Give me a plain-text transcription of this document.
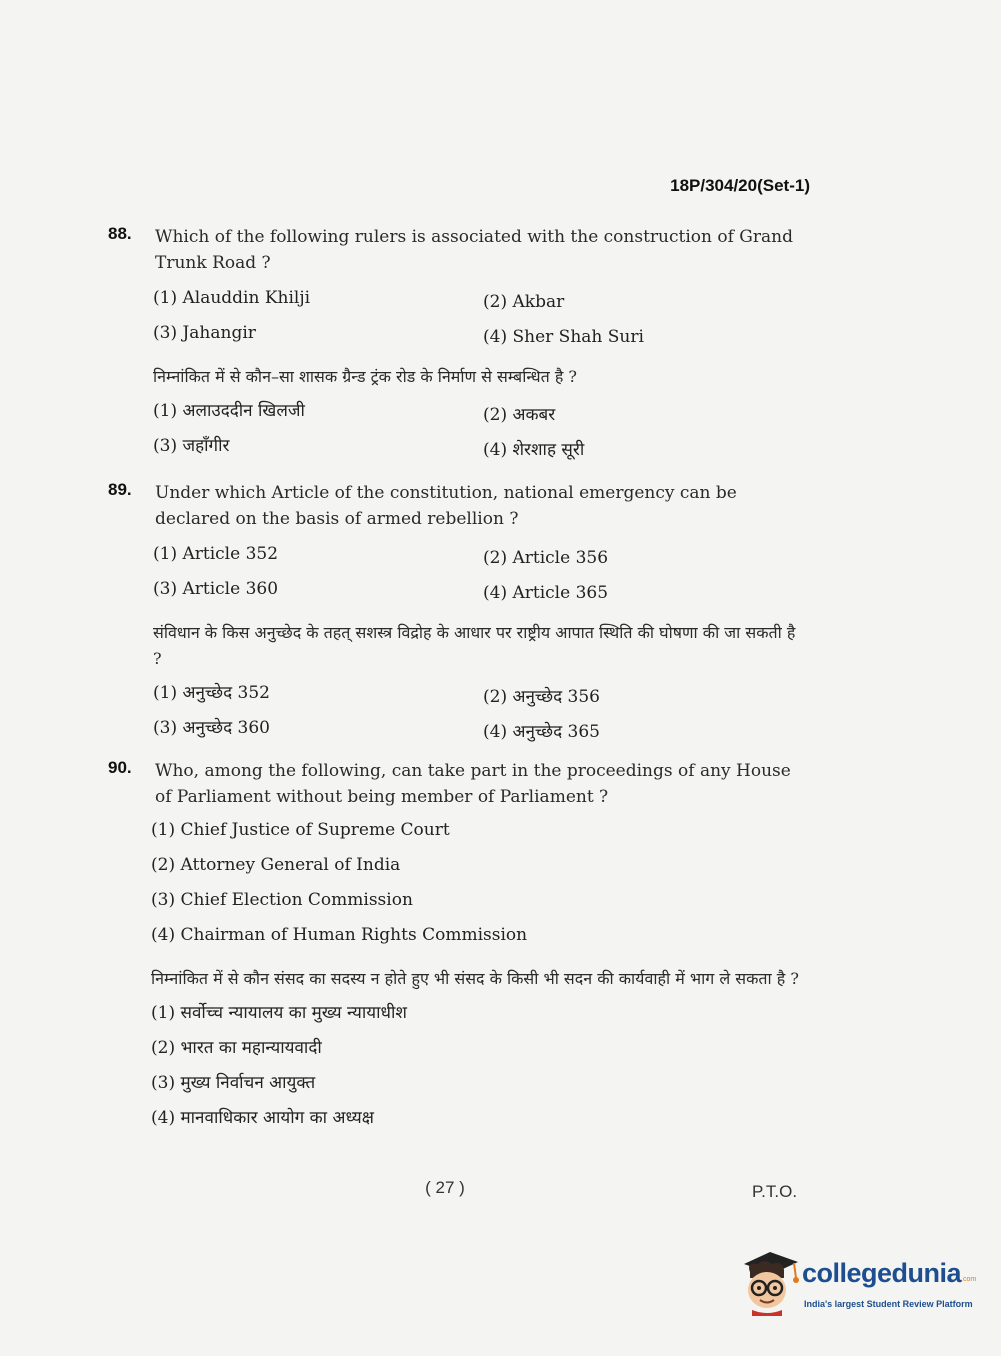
18P/304/20(Set-1)
88. Which of the following rulers is associated with the construction of Grand Trunk Road ?
(1) Alauddin Khilji	(2) Akbar
(3) Jahangir	(4) Sher Shah Suri
निम्नांकित में से कौन–सा शासक ग्रैन्ड ट्रंक रोड के निर्माण से सम्बन्धित है ?
(1) अलाउददीन खिलजी	(2) अकबर
(3) जहाँगीर	(4) शेरशाह सूरी
89. Under which Article of the constitution, national emergency can be declared on the basis of armed rebellion ?
(1) Article 352	(2) Article 356
(3) Article 360	(4) Article 365
संविधान के किस अनुच्छेद के तहत् सशस्त्र विद्रोह के आधार पर राष्ट्रीय आपात स्थिति की घोषणा की जा सकती है ?
(1) अनुच्छेद 352	(2) अनुच्छेद 356
(3) अनुच्छेद 360	(4) अनुच्छेद 365
90. Who, among the following, can take part in the proceedings of any House of Parliament without being member of Parliament ?
(1) Chief Justice of Supreme Court
(2) Attorney General of India
(3) Chief Election Commission
(4) Chairman of Human Rights Commission
निम्नांकित में से कौन संसद का सदस्य न होते हुए भी संसद के किसी भी सदन की कार्यवाही में भाग ले सकता है ?
(1) सर्वोच्च न्यायालय का मुख्य न्यायाधीश
(2) भारत का महान्यायवादी
(3) मुख्य निर्वाचन आयुक्त
(4) मानवाधिकार आयोग का अध्यक्ष
( 27 )	P.T.O.
collegedunia .com
India's largest Student Review Platform
